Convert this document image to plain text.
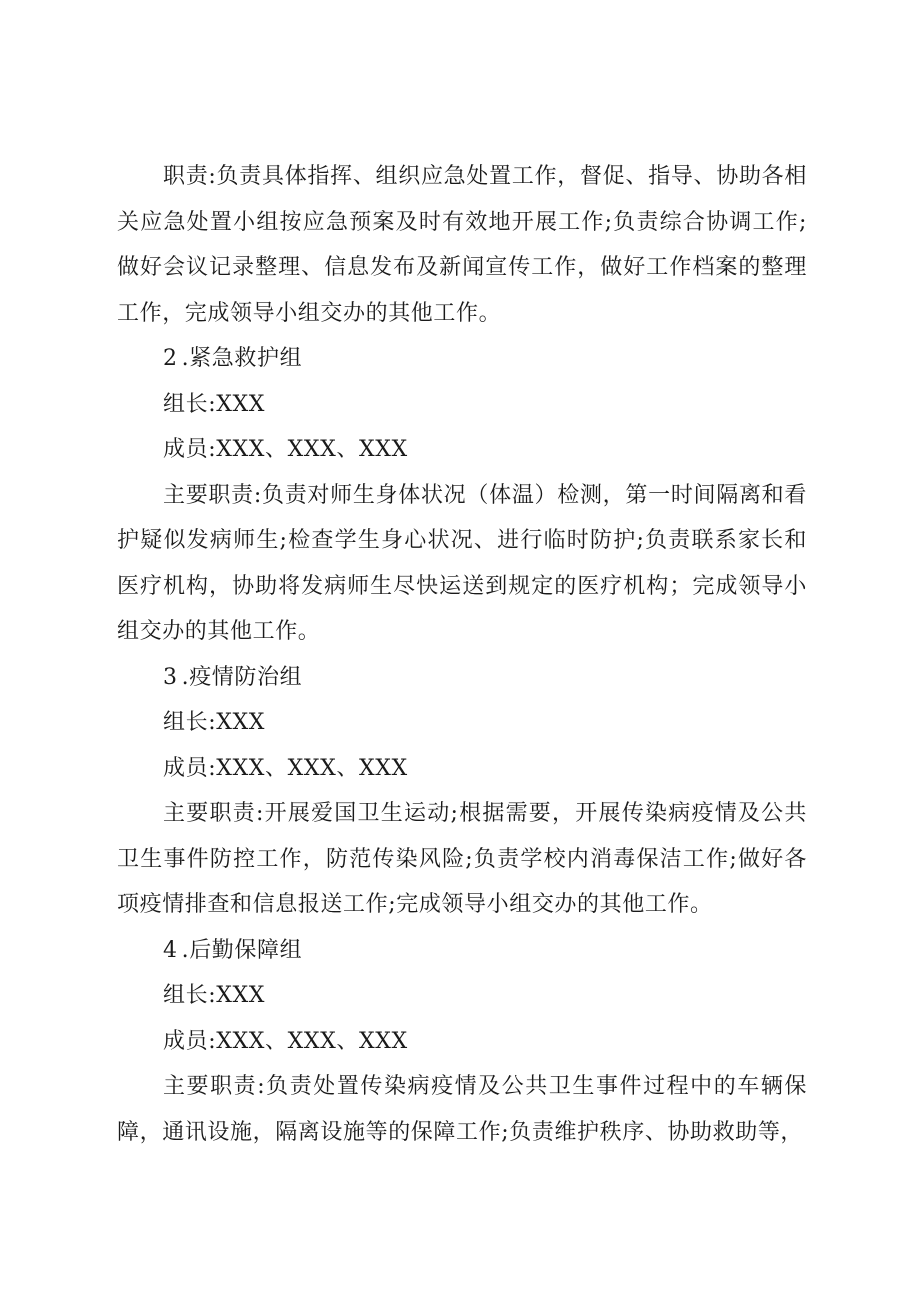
职责:负责具体指挥、组织应急处置工作，督促、指导、协助各相关应急处置小组按应急预案及时有效地开展工作;负责综合协调工作;做好会议记录整理、信息发布及新闻宣传工作，做好工作档案的整理工作，完成领导小组交办的其他工作。

2 .紧急救护组

组长:XXX

成员:XXX、XXX、XXX

主要职责:负责对师生身体状况（体温）检测，第一时间隔离和看护疑似发病师生;检查学生身心状况、进行临时防护;负责联系家长和医疗机构，协助将发病师生尽快运送到规定的医疗机构；完成领导小组交办的其他工作。

3 .疫情防治组

组长:XXX

成员:XXX、XXX、XXX

主要职责:开展爱国卫生运动;根据需要，开展传染病疫情及公共卫生事件防控工作，防范传染风险;负责学校内消毒保洁工作;做好各项疫情排查和信息报送工作;完成领导小组交办的其他工作。

4 .后勤保障组

组长:XXX

成员:XXX、XXX、XXX

主要职责:负责处置传染病疫情及公共卫生事件过程中的车辆保障，通讯设施，隔离设施等的保障工作;负责维护秩序、协助救助等，
